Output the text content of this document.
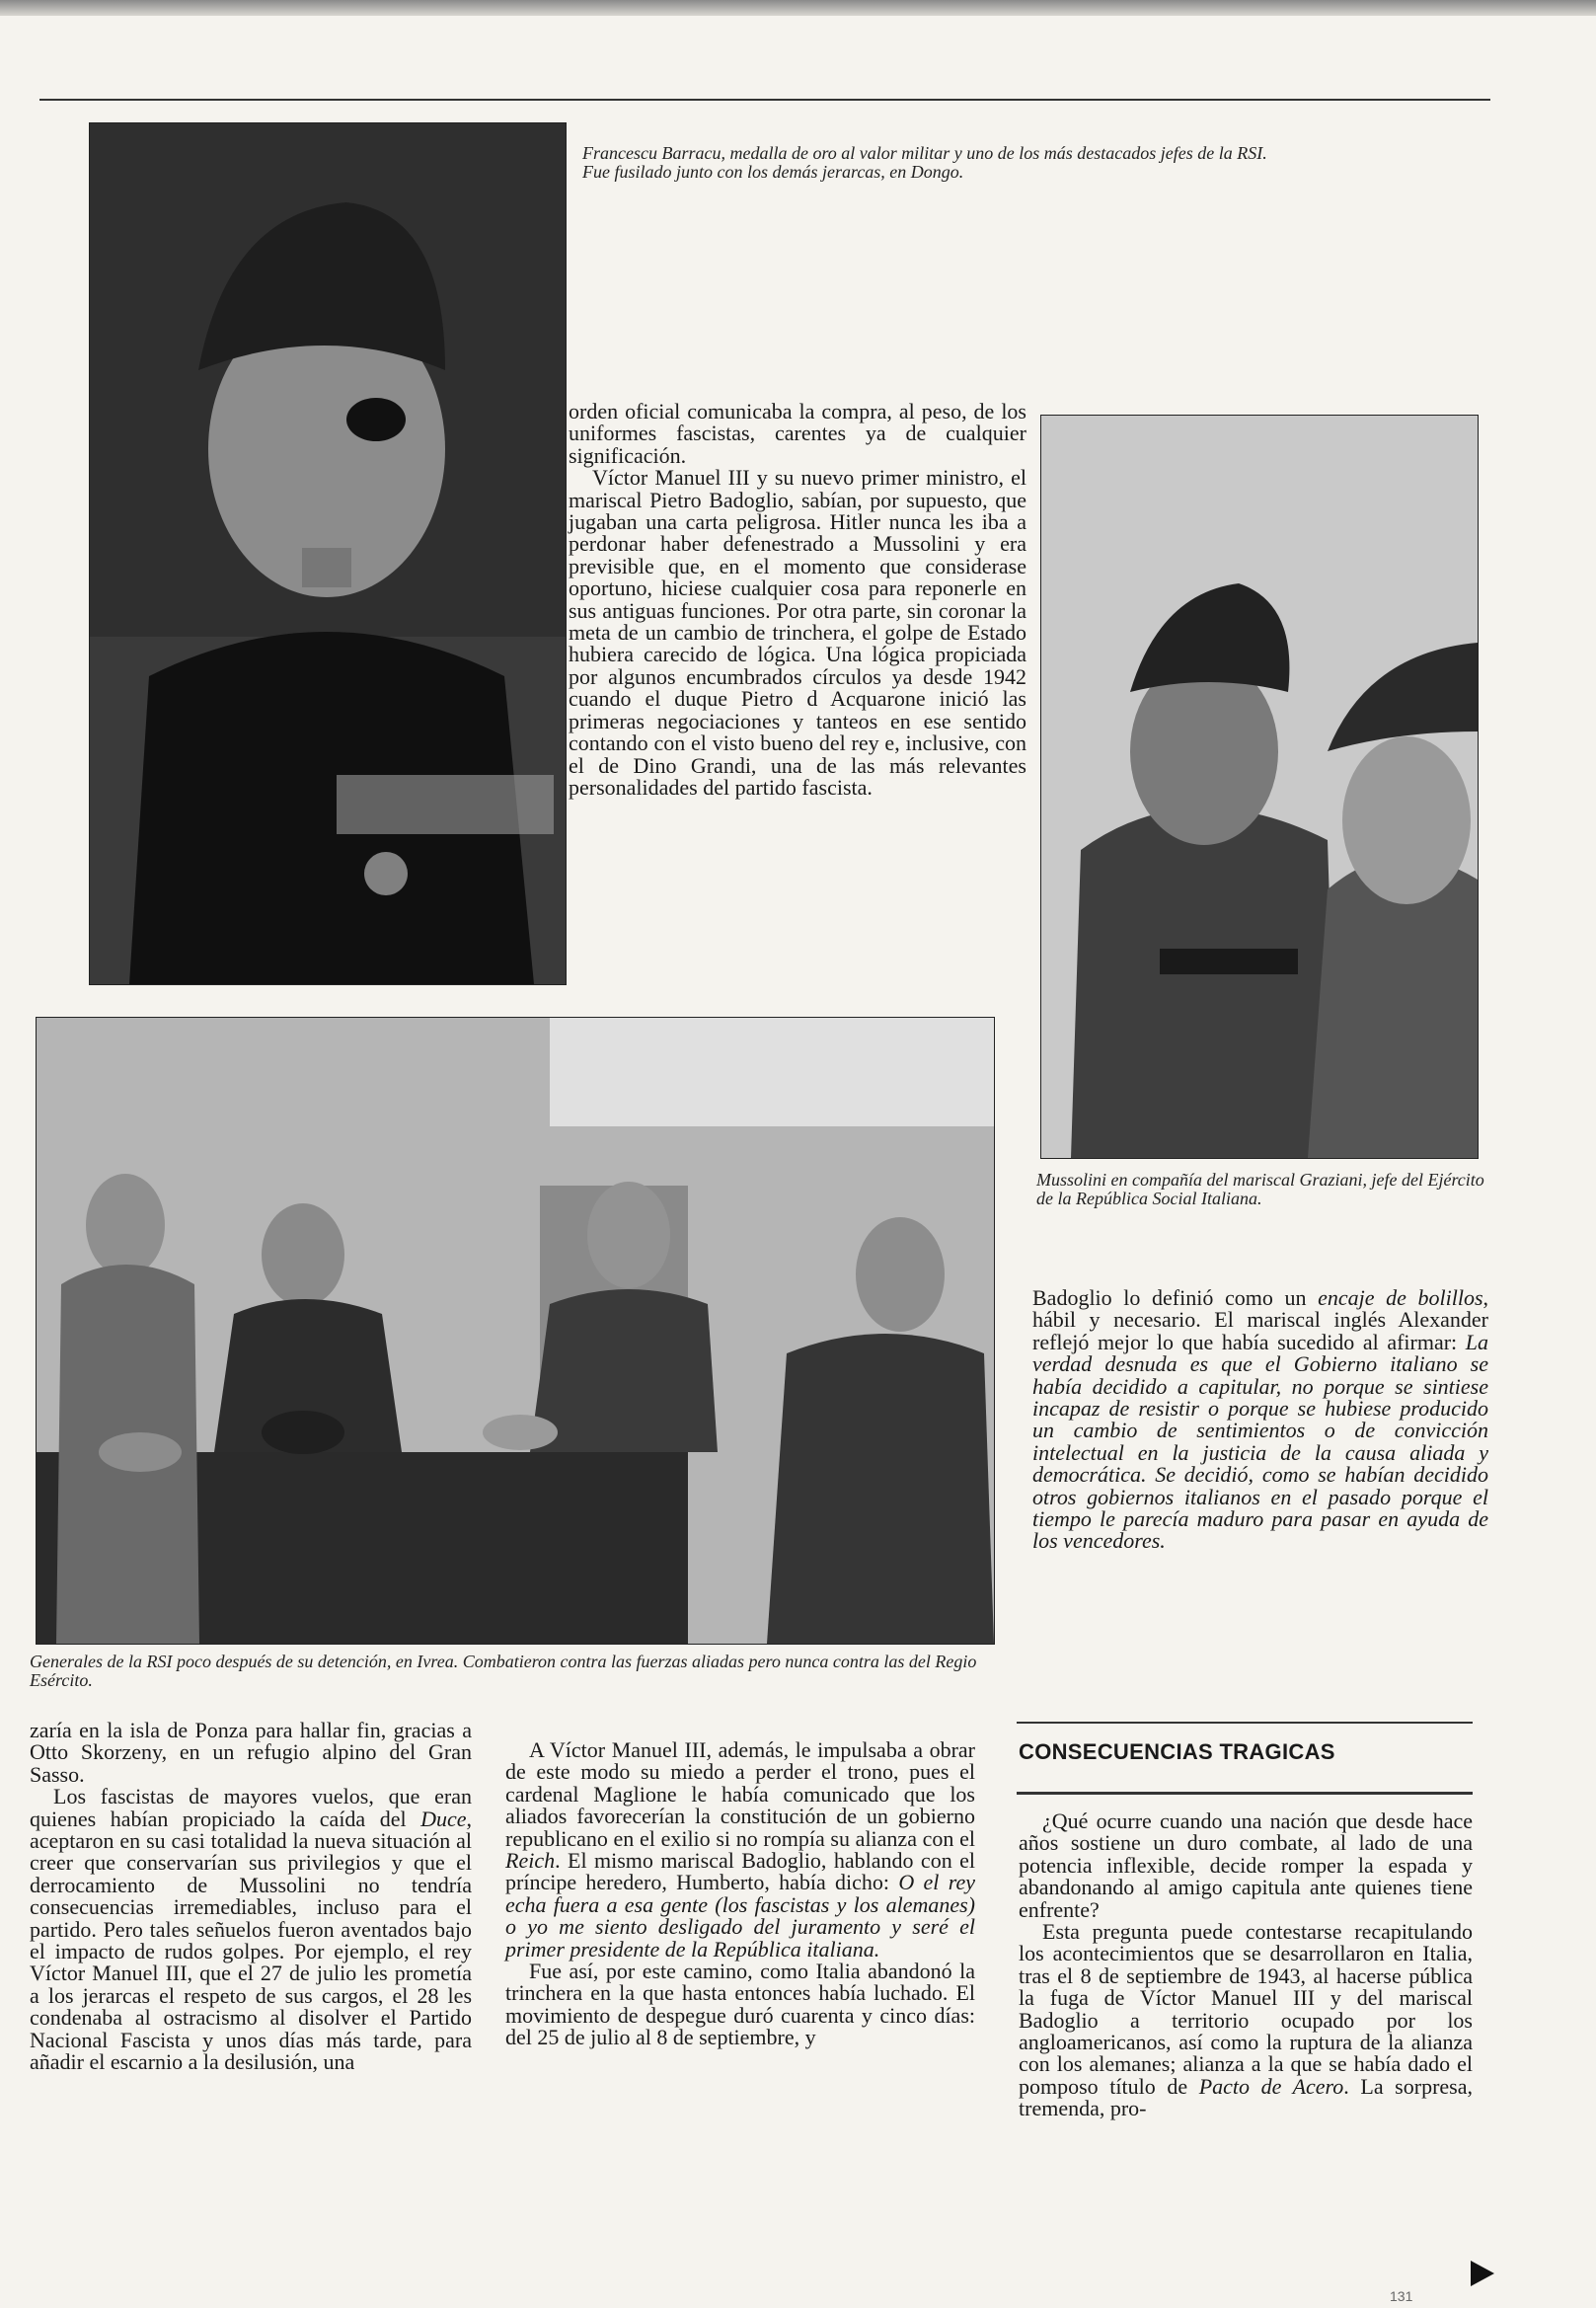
Francescu Barracu, medalla de oro al valor militar y uno de los más destacados jefes de la RSI. Fue fusilado junto con los demás jerarcas, en Dongo.

Mussolini en compañía del mariscal Graziani, jefe del Ejército de la República Social Italiana.

Generales de la RSI poco después de su detención, en Ivrea. Combatieron contra las fuerzas aliadas pero nunca contra las del Regio Esército.

orden oficial comunicaba la compra, al peso, de los uniformes fascistas, carentes ya de cualquier significación.

Víctor Manuel III y su nuevo primer ministro, el mariscal Pietro Badoglio, sabían, por supuesto, que jugaban una carta peligrosa. Hitler nunca les iba a perdonar haber defenestrado a Mussolini y era previsible que, en el momento que considerase oportuno, hiciese cualquier cosa para reponerle en sus antiguas funciones. Por otra parte, sin coronar la meta de un cambio de trinchera, el golpe de Estado hubiera carecido de lógica. Una lógica propiciada por algunos encumbrados círculos ya desde 1942 cuando el duque Pietro d Acquarone inició las primeras negociaciones y tanteos en ese sentido contando con el visto bueno del rey e, inclusive, con el de Dino Grandi, una de las más relevantes personalidades del partido fascista.

Badoglio lo definió como un encaje de bolillos, hábil y necesario. El mariscal inglés Alexander reflejó mejor lo que había sucedido al afirmar: La verdad desnuda es que el Gobierno italiano se había decidido a capitular, no porque se sintiese incapaz de resistir o porque se hubiese producido un cambio de sentimientos o de convicción intelectual en la justicia de la causa aliada y democrática. Se decidió, como se habían decidido otros gobiernos italianos en el pasado porque el tiempo le parecía maduro para pasar en ayuda de los vencedores.

zaría en la isla de Ponza para hallar fin, gracias a Otto Skorzeny, en un refugio alpino del Gran Sasso.

Los fascistas de mayores vuelos, que eran quienes habían propiciado la caída del Duce, aceptaron en su casi totalidad la nueva situación al creer que conservarían sus privilegios y que el derrocamiento de Mussolini no tendría consecuencias irremediables, incluso para el partido. Pero tales señuelos fueron aventados bajo el impacto de rudos golpes. Por ejemplo, el rey Víctor Manuel III, que el 27 de julio les prometía a los jerarcas el respeto de sus cargos, el 28 les condenaba al ostracismo al disolver el Partido Nacional Fascista y unos días más tarde, para añadir el escarnio a la desilusión, una

A Víctor Manuel III, además, le impulsaba a obrar de este modo su miedo a perder el trono, pues el cardenal Maglione le había comunicado que los aliados favorecerían la constitución de un gobierno republicano en el exilio si no rompía su alianza con el Reich. El mismo mariscal Badoglio, hablando con el príncipe heredero, Humberto, había dicho: O el rey echa fuera a esa gente (los fascistas y los alemanes) o yo me siento desligado del juramento y seré el primer presidente de la República italiana.

Fue así, por este camino, como Italia abandonó la trinchera en la que hasta entonces había luchado. El movimiento de despegue duró cuarenta y cinco días: del 25 de julio al 8 de septiembre, y

CONSECUENCIAS TRAGICAS

¿Qué ocurre cuando una nación que desde hace años sostiene un duro combate, al lado de una potencia inflexible, decide romper la espada y abandonando al amigo capitula ante quienes tiene enfrente?

Esta pregunta puede contestarse recapitulando los acontecimientos que se desarrollaron en Italia, tras el 8 de septiembre de 1943, al hacerse pública la fuga de Víctor Manuel III y del mariscal Badoglio a territorio ocupado por los angloamericanos, así como la ruptura de la alianza con los alemanes; alianza a la que se había dado el pomposo título de Pacto de Acero. La sorpresa, tremenda, pro-

131
